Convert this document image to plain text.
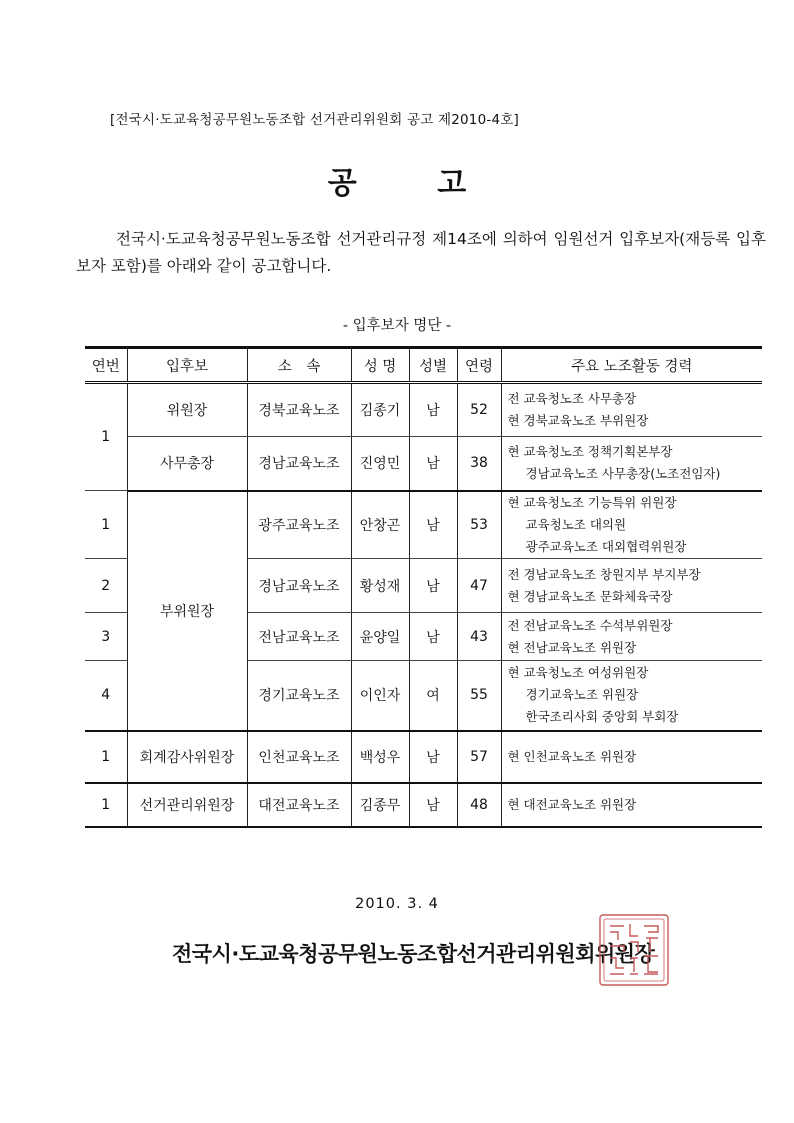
[전국시·도교육청공무원노동조합 선거관리위원회 공고 제2010-4호]
공 고

전국시·도교육청공무원노동조합 선거관리규정 제14조에 의하여 임원선거 입후보자(재등록 입후보자 포함)를 아래와 같이 공고합니다.

- 입후보자 명단 -
연번	입후보	소　속	성 명	성별	연령	주요 노조활동 경력
1	위원장	경북교육노조	김종기	남	52	전 교육청노조 사무총장
현 경북교육노조 부위원장

	사무총장	경남교육노조	진영민	남	38	현 교육청노조 정책기획본부장
경남교육노조 사무총장(노조전임자)

1	부위원장	광주교육노조	안창곤	남	53	현 교육청노조 기능특위 위원장
교육청노조 대의원
광주교육노조 대외협력위원장

2		경남교육노조	황성재	남	47	전 경남교육노조 창원지부 부지부장
현 경남교육노조 문화체육국장

3		전남교육노조	윤양일	남	43	전 전남교육노조 수석부위원장
현 전남교육노조 위원장

4		경기교육노조	이인자	여	55	현 교육청노조 여성위원장
경기교육노조 위원장
한국조리사회 중앙회 부회장

1	회계감사위원장	인천교육노조	백성우	남	57	현 인천교육노조 위원장

1	선거관리위원장	대전교육노조	김종무	남	48	현 대전교육노조 위원장
2010. 3. 4
전국시·도교육청공무원노동조합선거관리위원회위원장
